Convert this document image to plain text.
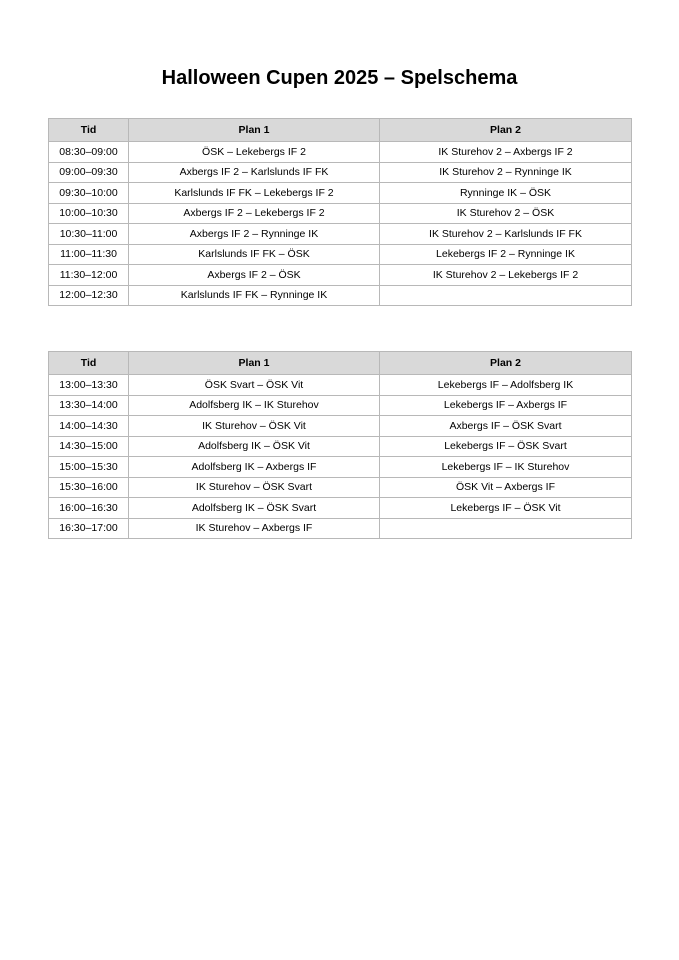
Halloween Cupen 2025 – Spelschema
Tid	Plan 1	Plan 2
08:30–09:00	ÖSK – Lekebergs IF 2	IK Sturehov 2 – Axbergs IF 2
09:00–09:30	Axbergs IF 2 – Karlslunds IF FK	IK Sturehov 2 – Rynninge IK
09:30–10:00	Karlslunds IF FK – Lekebergs IF 2	Rynninge IK – ÖSK
10:00–10:30	Axbergs IF 2 – Lekebergs IF 2	IK Sturehov 2 – ÖSK
10:30–11:00	Axbergs IF 2 – Rynninge IK	IK Sturehov 2 – Karlslunds IF FK
11:00–11:30	Karlslunds IF FK – ÖSK	Lekebergs IF 2 – Rynninge IK
11:30–12:00	Axbergs IF 2 – ÖSK	IK Sturehov 2 – Lekebergs IF 2
12:00–12:30	Karlslunds IF FK – Rynninge IK	
Tid	Plan 1	Plan 2
13:00–13:30	ÖSK Svart – ÖSK Vit	Lekebergs IF – Adolfsberg IK
13:30–14:00	Adolfsberg IK – IK Sturehov	Lekebergs IF – Axbergs IF
14:00–14:30	IK Sturehov – ÖSK Vit	Axbergs IF – ÖSK Svart
14:30–15:00	Adolfsberg IK – ÖSK Vit	Lekebergs IF – ÖSK Svart
15:00–15:30	Adolfsberg IK – Axbergs IF	Lekebergs IF – IK Sturehov
15:30–16:00	IK Sturehov – ÖSK Svart	ÖSK Vit – Axbergs IF
16:00–16:30	Adolfsberg IK – ÖSK Svart	Lekebergs IF – ÖSK Vit
16:30–17:00	IK Sturehov – Axbergs IF	
